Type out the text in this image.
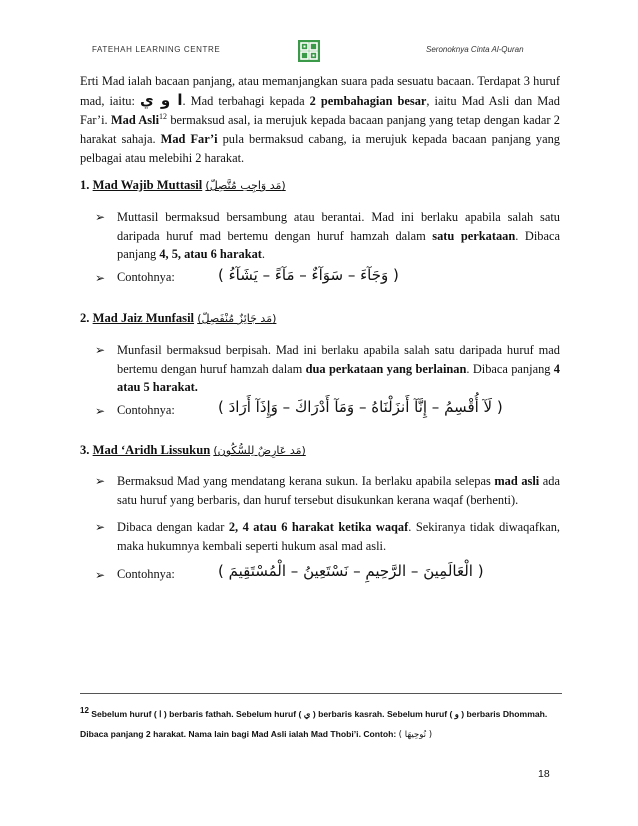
FATEHAH LEARNING CENTRE	Seronoknya Cinta Al-Quran
Erti Mad ialah bacaan panjang, atau memanjangkan suara pada sesuatu bacaan. Terdapat 3 huruf mad, iaitu: ا و ي. Mad terbahagi kepada 2 pembahagian besar, iaitu Mad Asli dan Mad Far’i. Mad Asli$^{12}$ bermaksud asal, ia merujuk kepada bacaan panjang yang tetap dengan kadar 2 harakat sahaja. Mad Far’i pula bermaksud cabang, ia merujuk kepada bacaan panjang yang pelbagai atau melebihi 2 harakat.
1. Mad Wajib Muttasil (مَد وَاجِب مُتَّصِلّ)
➢ Muttasil bermaksud bersambung atau berantai. Mad ini berlaku apabila salah satu daripada huruf mad bertemu dengan huruf hamzah dalam satu perkataan. Dibaca panjang 4, 5, atau 6 harakat.
➢ Contohnya:	( وَجَآءَ – سَوَآءٌ – مَآءً – يَشَآءُ )
2. Mad Jaiz Munfasil (مَد جَائِزٌ مُنْفَصِلّ)
➢ Munfasil bermaksud berpisah. Mad ini berlaku apabila salah satu daripada huruf mad bertemu dengan huruf hamzah dalam dua perkataan yang berlainan. Dibaca panjang 4 atau 5 harakat.
➢ Contohnya:	( لَآ أُقْسِمُ – إِنَّآ أَنزَلْنَاهُ – وَمَآ أَدْرَاكَ – وَإِذَآ أَرَادَ )
3. Mad ‘Aridh Lissukun (مَد عَارِضٌ لِلسُّكُون)
➢ Bermaksud Mad yang mendatang kerana sukun. Ia berlaku apabila selepas mad asli ada satu huruf yang berbaris, dan huruf tersebut disukunkan kerana waqaf (berhenti).
➢ Dibaca dengan kadar 2, 4 atau 6 harakat ketika waqaf. Sekiranya tidak diwaqafkan, maka hukumnya kembali seperti hukum asal mad asli.
➢ Contohnya:	( الْعَالَمِينَ – الرَّحِيمِ – نَسْتَعِينُ – الْمُسْتَقِيمَ )
$^{12}$ Sebelum huruf ( ا ) berbaris fathah. Sebelum huruf ( ي ) berbaris kasrah. Sebelum huruf ( و ) berbaris Dhommah. Dibaca panjang 2 harakat. Nama lain bagi Mad Asli ialah Mad Thobi’i. Contoh: ( نُوحِيهَا )
18
